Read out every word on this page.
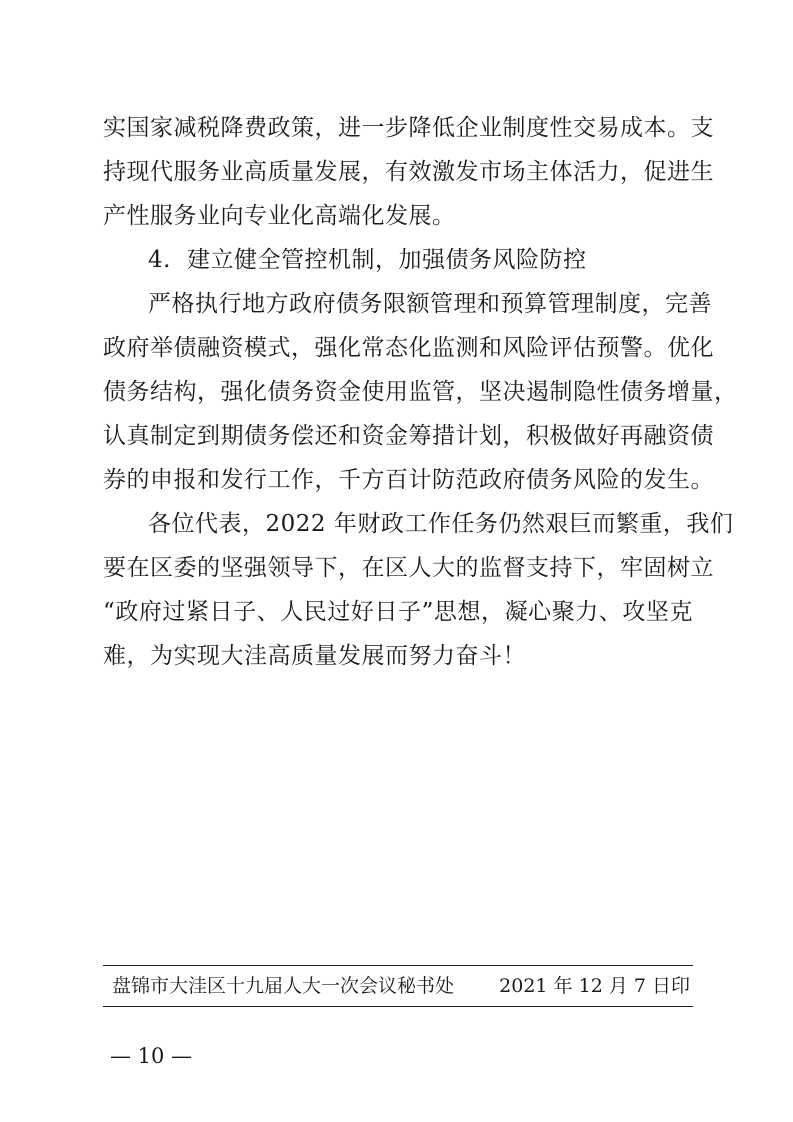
实国家减税降费政策，进一步降低企业制度性交易成本。支
持现代服务业高质量发展，有效激发市场主体活力，促进生
产性服务业向专业化高端化发展。
4. 建立健全管控机制，加强债务风险防控
严格执行地方政府债务限额管理和预算管理制度，完善
政府举债融资模式，强化常态化监测和风险评估预警。优化
债务结构，强化债务资金使用监管，坚决遏制隐性债务增量，
认真制定到期债务偿还和资金筹措计划，积极做好再融资债
券的申报和发行工作，千方百计防范政府债务风险的发生。
各位代表，2022 年财政工作任务仍然艰巨而繁重，我们
要在区委的坚强领导下，在区人大的监督支持下，牢固树立
“政府过紧日子、人民过好日子”思想，凝心聚力、攻坚克
难，为实现大洼高质量发展而努力奋斗！
盘锦市大洼区十九届人大一次会议秘书处 2021 年 12 月 7 日印
— 10 —
